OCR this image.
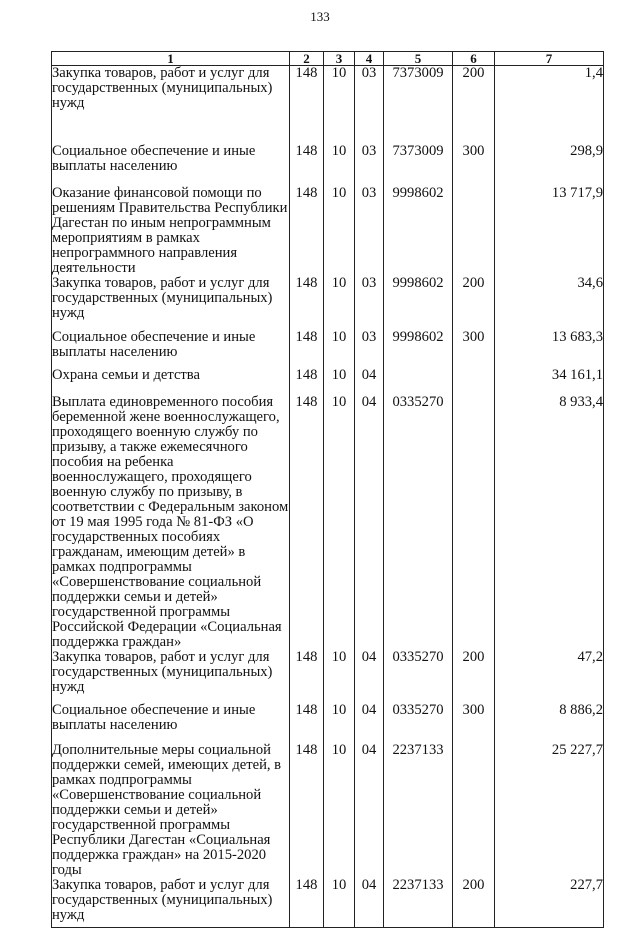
133
1	2	3	4	5	6	7
Закупка товаров, работ и услуг для государственных (муниципальных) нужд	148	10	03	7373009	200	1,4
Социальное обеспечение и иные выплаты населению	148	10	03	7373009	300	298,9
Оказание финансовой помощи по решениям Правительства Республики Дагестан по иным непрограммным мероприятиям в рамках непрограммного направления деятельности	148	10	03	9998602		13 717,9
Закупка товаров, работ и услуг для государственных (муниципальных) нужд	148	10	03	9998602	200	34,6
Социальное обеспечение и иные выплаты населению	148	10	03	9998602	300	13 683,3
Охрана семьи и детства	148	10	04			34 161,1
Выплата единовременного пособия беременной жене военнослужащего, проходящего военную службу по призыву, а также ежемесячного пособия на ребенка военнослужащего, проходящего военную службу по призыву, в соответствии с Федеральным законом от 19 мая 1995 года № 81-ФЗ «О государственных пособиях гражданам, имеющим детей» в рамках подпрограммы «Совершенствование социальной поддержки семьи и детей» государственной программы Российской Федерации «Социальная поддержка граждан»	148	10	04	0335270		8 933,4
Закупка товаров, работ и услуг для государственных (муниципальных) нужд	148	10	04	0335270	200	47,2
Социальное обеспечение и иные выплаты населению	148	10	04	0335270	300	8 886,2
Дополнительные меры социальной поддержки семей, имеющих детей, в рамках подпрограммы «Совершенствование социальной поддержки семьи и детей» государственной программы Республики Дагестан «Социальная поддержка граждан» на 2015-2020 годы	148	10	04	2237133		25 227,7
Закупка товаров, работ и услуг для государственных (муниципальных) нужд	148	10	04	2237133	200	227,7
